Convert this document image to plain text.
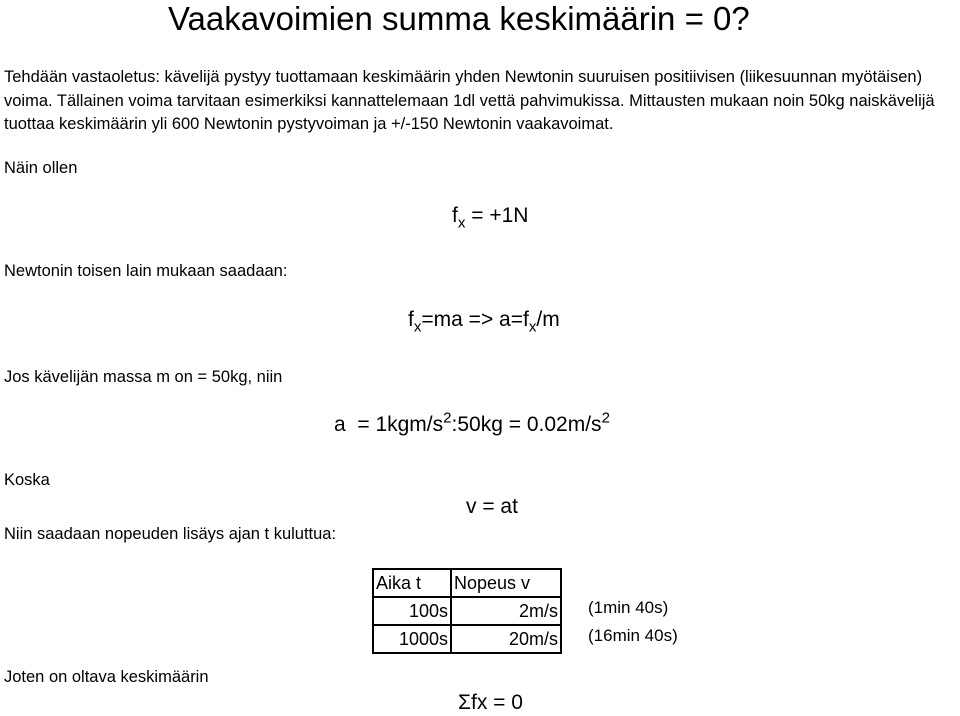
Vaakavoimien summa keskimäärin = 0?
Tehdään vastaoletus: kävelijä pystyy tuottamaan keskimäärin yhden Newtonin suuruisen positiivisen (liikesuunnan myötäisen) voima. Tällainen voima tarvitaan esimerkiksi kannattelemaan 1dl vettä pahvimukissa. Mittausten mukaan noin 50kg naiskävelijä tuottaa keskimäärin yli 600 Newtonin pystyvoiman ja +/-150 Newtonin vaakavoimat.
Näin ollen
$f_x = +1N$
Newtonin toisen lain mukaan saadaan:
$f_x=ma => a=f_x/m$
Jos kävelijän massa m on = 50kg, niin
$a = 1kgm/s^2:50kg = 0.02m/s^2$
Koska
v = at
Niin saadaan nopeuden lisäys ajan t kuluttua:
Aika t	Nopeus v
100s	2m/s
1000s	20m/s
(1min 40s)
(16min 40s)
Joten on oltava keskimäärin
Σfx = 0
